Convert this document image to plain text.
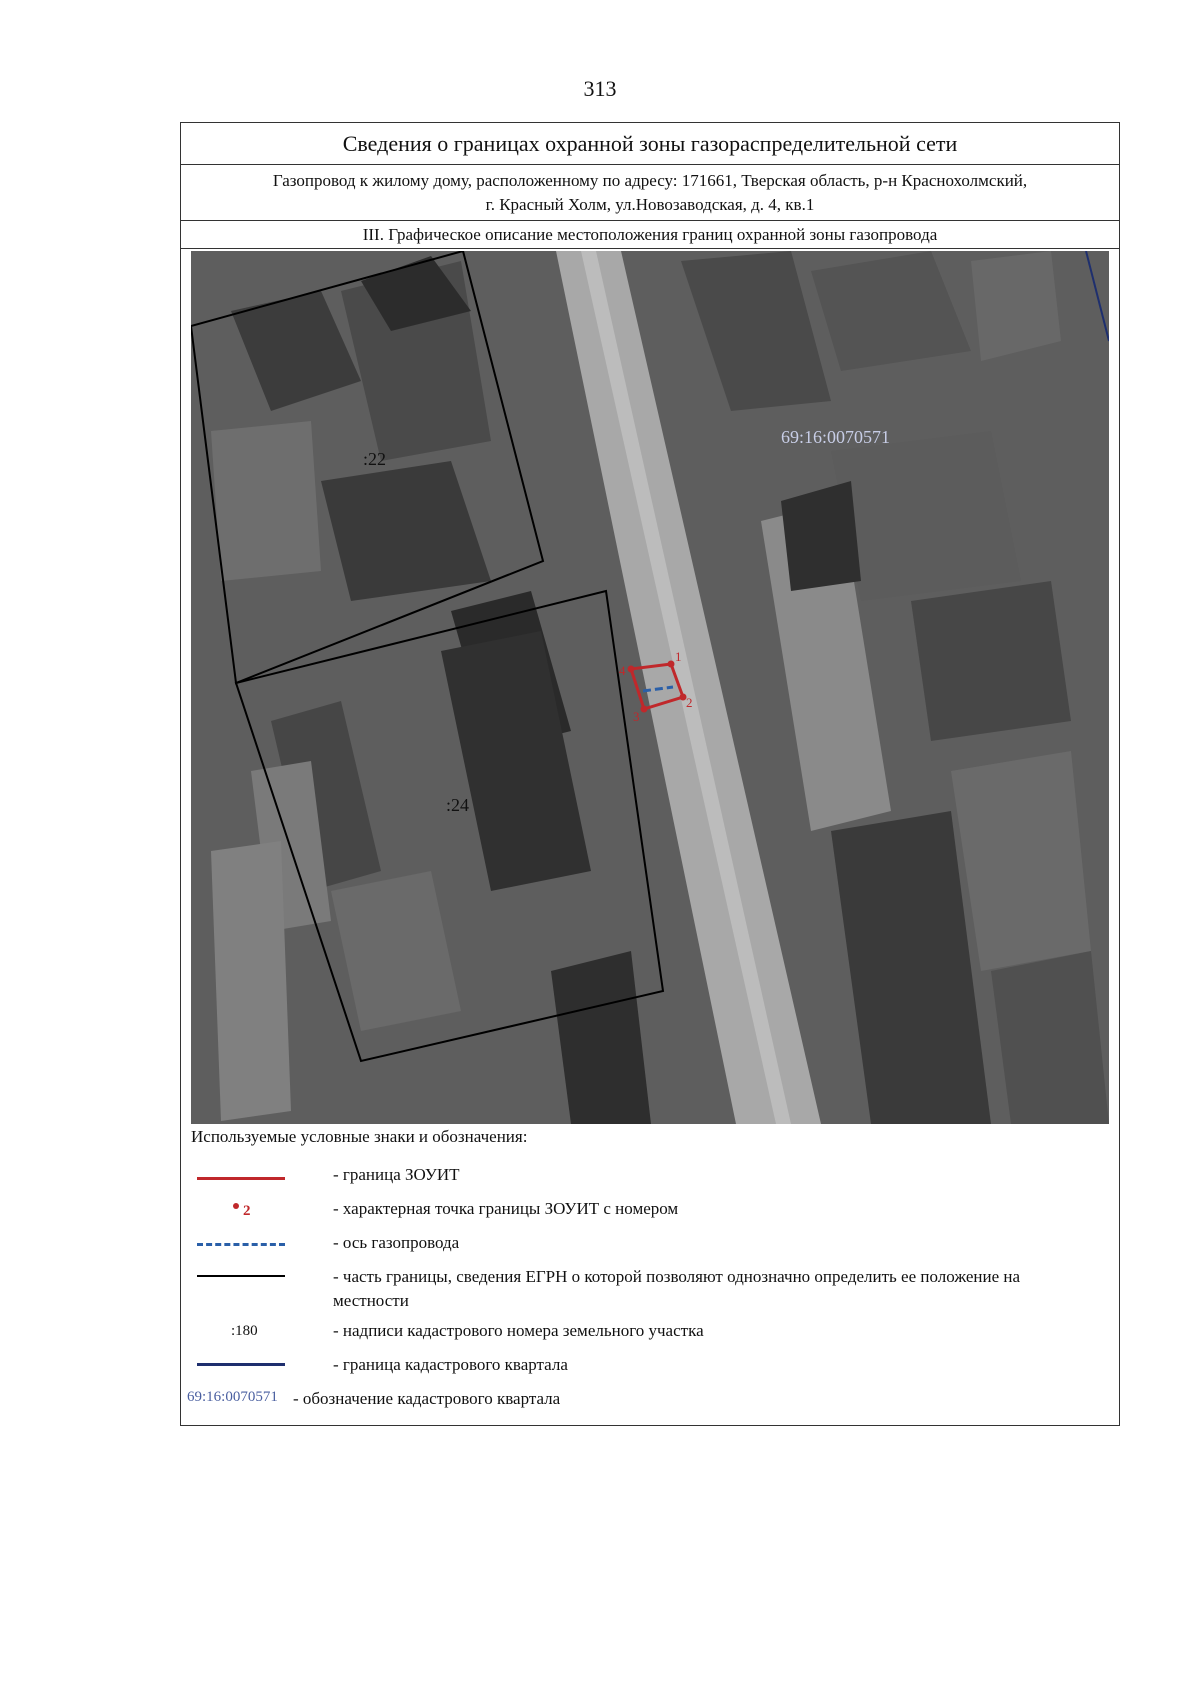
313
Сведения о границах охранной зоны газораспределительной сети
Газопровод к жилому дому, расположенному по адресу: 171661, Тверская область, р-н Краснохолмский,
г. Красный Холм, ул.Новозаводская, д. 4, кв.1
III. Графическое описание местоположения границ охранной зоны газопровода
1
2
3
4
:22
:24
69:16:0070571
Используемые условные знаки и обозначения:
- граница ЗОУИТ
2	- характерная точка границы ЗОУИТ с номером
- ось газопровода
- часть границы, сведения ЕГРН о которой позволяют однозначно определить ее положение на местности
:180	- надписи кадастрового номера земельного участка
- граница кадастрового квартала
69:16:0070571 - обозначение кадастрового квартала
